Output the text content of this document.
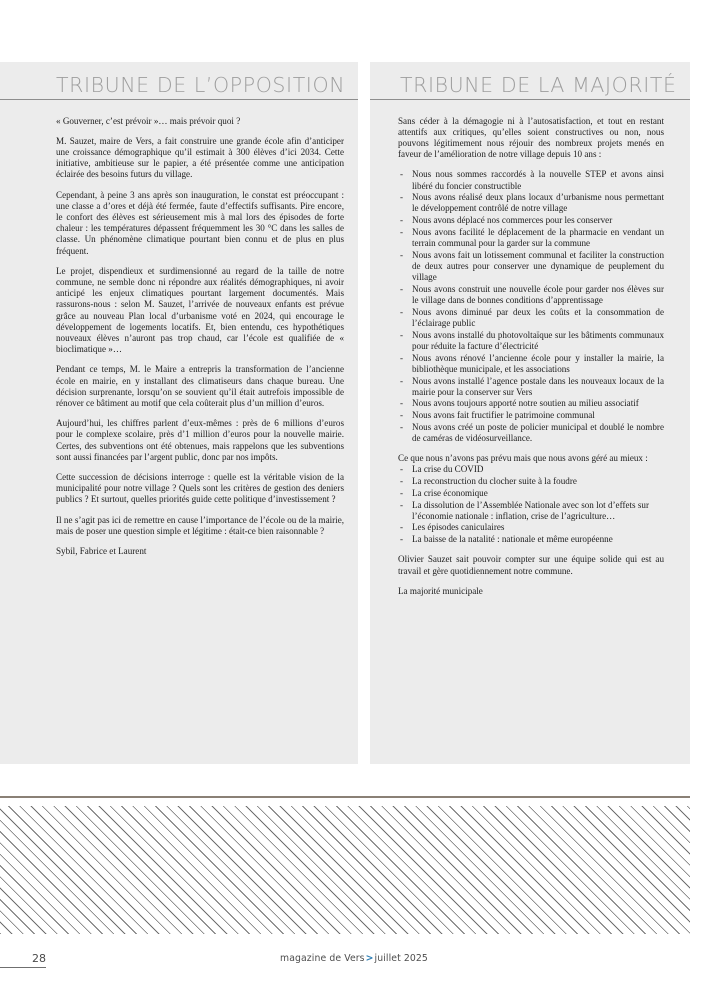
TRIBUNE DE L’OPPOSITION

« Gouverner, c’est prévoir »… mais prévoir quoi ?

M. Sauzet, maire de Vers, a fait construire une grande école afin d’anticiper une croissance démographique qu’il estimait à 300 élèves d’ici 2034. Cette initiative, ambitieuse sur le papier, a été présentée comme une anticipation éclairée des besoins futurs du village.

Cependant, à peine 3 ans après son inauguration, le constat est préoccupant : une classe a d’ores et déjà été fermée, faute d’effectifs suffisants. Pire encore, le confort des élèves est sérieusement mis à mal lors des épisodes de forte chaleur : les températures dépassent fréquemment les 30 °C dans les salles de classe. Un phénomène climatique pourtant bien connu et de plus en plus fréquent.

Le projet, dispendieux et surdimensionné au regard de la taille de notre commune, ne semble donc ni répondre aux réalités démographiques, ni avoir anticipé les enjeux climatiques pourtant largement documentés. Mais rassurons-nous : selon M. Sauzet, l’arrivée de nouveaux enfants est prévue grâce au nouveau Plan local d’urbanisme voté en 2024, qui encourage le développement de logements locatifs. Et, bien entendu, ces hypothétiques nouveaux élèves n’auront pas trop chaud, car l’école est qualifiée de « bioclimatique »…

Pendant ce temps, M. le Maire a entrepris la transformation de l’ancienne école en mairie, en y installant des climatiseurs dans chaque bureau. Une décision surprenante, lorsqu’on se souvient qu’il était autrefois impossible de rénover ce bâtiment au motif que cela coûterait plus d’un million d’euros.

Aujourd’hui, les chiffres parlent d’eux-mêmes : près de 6 millions d’euros pour le complexe scolaire, près d’1 million d’euros pour la nouvelle mairie. Certes, des subventions ont été obtenues, mais rappelons que les subventions sont aussi financées par l’argent public, donc par nos impôts.

Cette succession de décisions interroge : quelle est la véritable vision de la municipalité pour notre village ? Quels sont les critères de gestion des deniers publics ? Et surtout, quelles priorités guide cette politique d’investissement ?

Il ne s’agit pas ici de remettre en cause l’importance de l’école ou de la mairie, mais de poser une question simple et légitime : était-ce bien raisonnable ?

Sybil, Fabrice et Laurent

TRIBUNE DE LA MAJORITÉ

Sans céder à la démagogie ni à l’autosatisfaction, et tout en restant attentifs aux critiques, qu’elles soient constructives ou non, nous pouvons légitimement nous réjouir des nombreux projets menés en faveur de l’amélioration de notre village depuis 10 ans :

- Nous nous sommes raccordés à la nouvelle STEP et avons ainsi libéré du foncier constructible
- Nous avons réalisé deux plans locaux d’urbanisme nous permettant le développement contrôlé de notre village
- Nous avons déplacé nos commerces pour les conserver
- Nous avons facilité le déplacement de la pharmacie en vendant un terrain communal pour la garder sur la commune
- Nous avons fait un lotissement communal et faciliter la construction de deux autres pour conserver une dynamique de peuplement du village
- Nous avons construit une nouvelle école pour garder nos élèves sur le village dans de bonnes conditions d’apprentissage
- Nous avons diminué par deux les coûts et la consommation de l’éclairage public
- Nous avons installé du photovoltaïque sur les bâtiments communaux pour réduite la facture d’électricité
- Nous avons rénové l’ancienne école pour y installer la mairie, la bibliothèque municipale, et les associations
- Nous avons installé l’agence postale dans les nouveaux locaux de la mairie pour la conserver sur Vers
- Nous avons toujours apporté notre soutien au milieu associatif
- Nous avons fait fructifier le patrimoine communal
- Nous avons créé un poste de policier municipal et doublé le nombre de caméras de vidéosurveillance.

Ce que nous n’avons pas prévu mais que nous avons géré au mieux :

- La crise du COVID
- La reconstruction du clocher suite à la foudre
- La crise économique
- La dissolution de l’Assemblée Nationale avec son lot d’effets sur l’économie nationale : inflation, crise de l’agriculture…
- Les épisodes caniculaires
- La baisse de la natalité : nationale et même européenne

Olivier Sauzet sait pouvoir compter sur une équipe solide qui est au travail et gère quotidiennement notre commune.

La majorité municipale

28	magazine de Vers>juillet 2025
